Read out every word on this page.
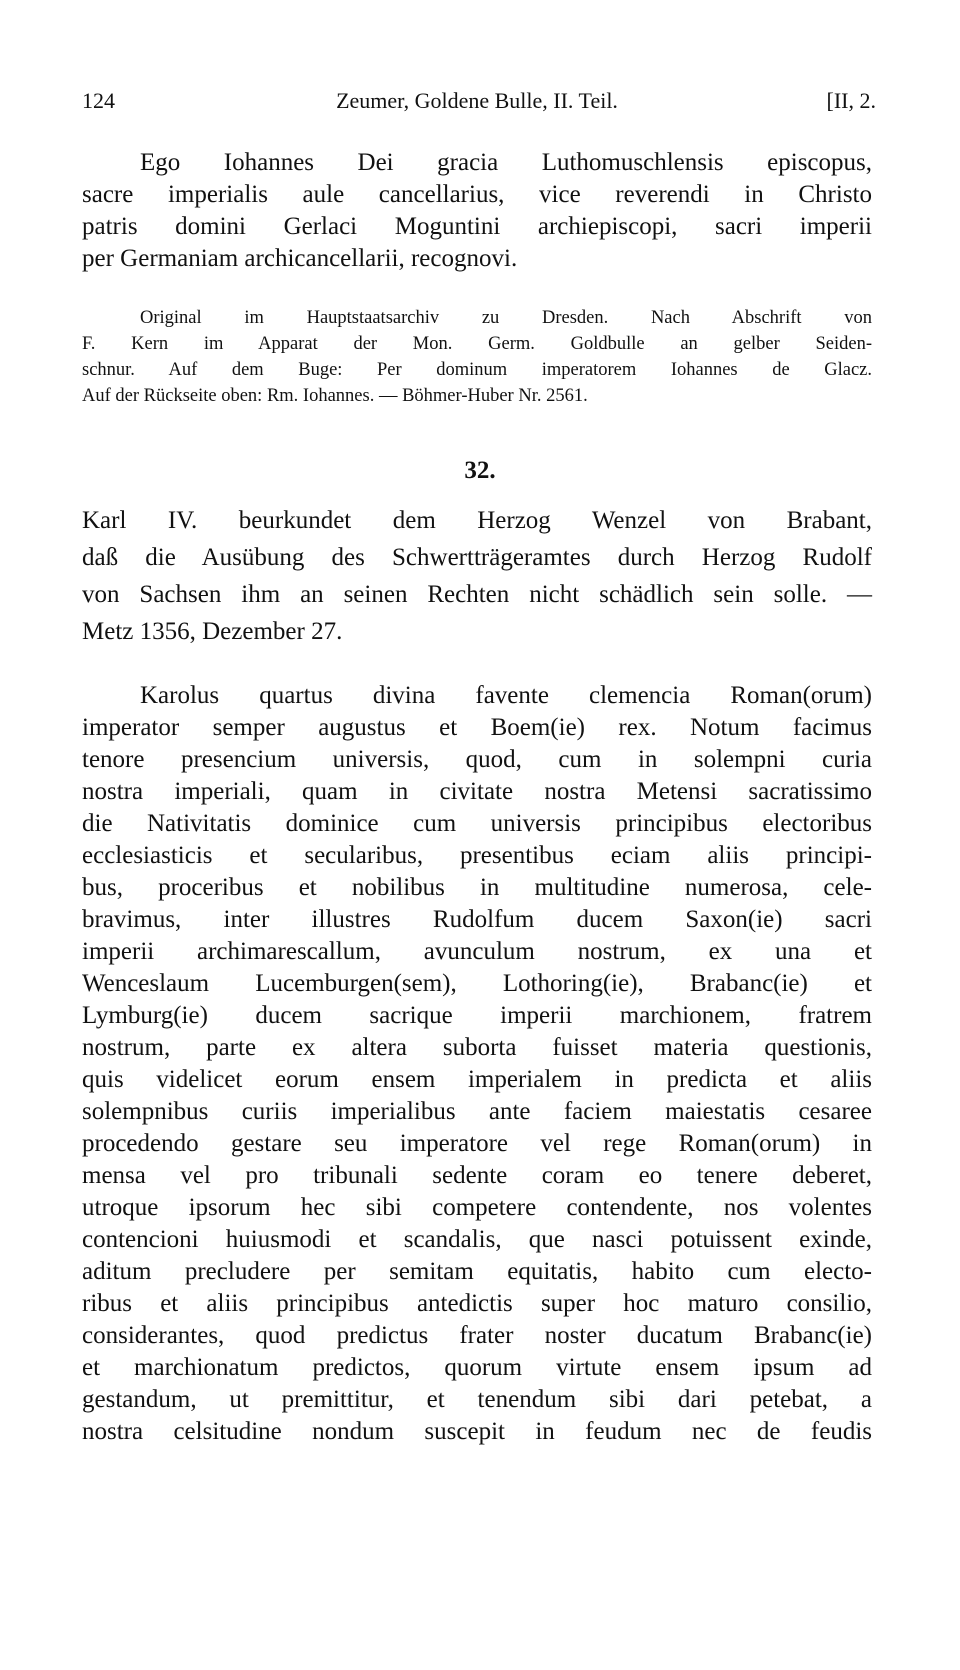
124	Zeumer, Goldene Bulle, II. Teil.	[II, 2.
Ego Iohannes Dei gracia Luthomuschlensis episcopus,
sacre imperialis aule cancellarius, vice reverendi in Christo
patris domini Gerlaci Moguntini archiepiscopi, sacri imperii
per Germaniam archicancellarii, recognovi.
Original im Hauptstaatsarchiv zu Dresden. Nach Abschrift von
F. Kern im Apparat der Mon. Germ. Goldbulle an gelber Seiden-
schnur. Auf dem Buge: Per dominum imperatorem Iohannes de Glacz.
Auf der Rückseite oben: Rm. Iohannes. — Böhmer-Huber Nr. 2561.
32.
Karl IV. beurkundet dem Herzog Wenzel von Brabant,
daß die Ausübung des Schwertträgeramtes durch Herzog Rudolf
von Sachsen ihm an seinen Rechten nicht schädlich sein solle. —
Metz 1356, Dezember 27.
Karolus quartus divina favente clemencia Roman(orum)
imperator semper augustus et Boem(ie) rex. Notum facimus
tenore presencium universis, quod, cum in solempni curia
nostra imperiali, quam in civitate nostra Metensi sacratissimo
die Nativitatis dominice cum universis principibus electoribus
ecclesiasticis et secularibus, presentibus eciam aliis principi-
bus, proceribus et nobilibus in multitudine numerosa, cele-
bravimus, inter illustres Rudolfum ducem Saxon(ie) sacri
imperii archimarescallum, avunculum nostrum, ex una et
Wenceslaum Lucemburgen(sem), Lothoring(ie), Brabanc(ie) et
Lymburg(ie) ducem sacrique imperii marchionem, fratrem
nostrum, parte ex altera suborta fuisset materia questionis,
quis videlicet eorum ensem imperialem in predicta et aliis
solempnibus curiis imperialibus ante faciem maiestatis cesaree
procedendo gestare seu imperatore vel rege Roman(orum) in
mensa vel pro tribunali sedente coram eo tenere deberet,
utroque ipsorum hec sibi competere contendente, nos volentes
contencioni huiusmodi et scandalis, que nasci potuissent exinde,
aditum precludere per semitam equitatis, habito cum electo-
ribus et aliis principibus antedictis super hoc maturo consilio,
considerantes, quod predictus frater noster ducatum Brabanc(ie)
et marchionatum predictos, quorum virtute ensem ipsum ad
gestandum, ut premittitur, et tenendum sibi dari petebat, a
nostra celsitudine nondum suscepit in feudum nec de feudis
